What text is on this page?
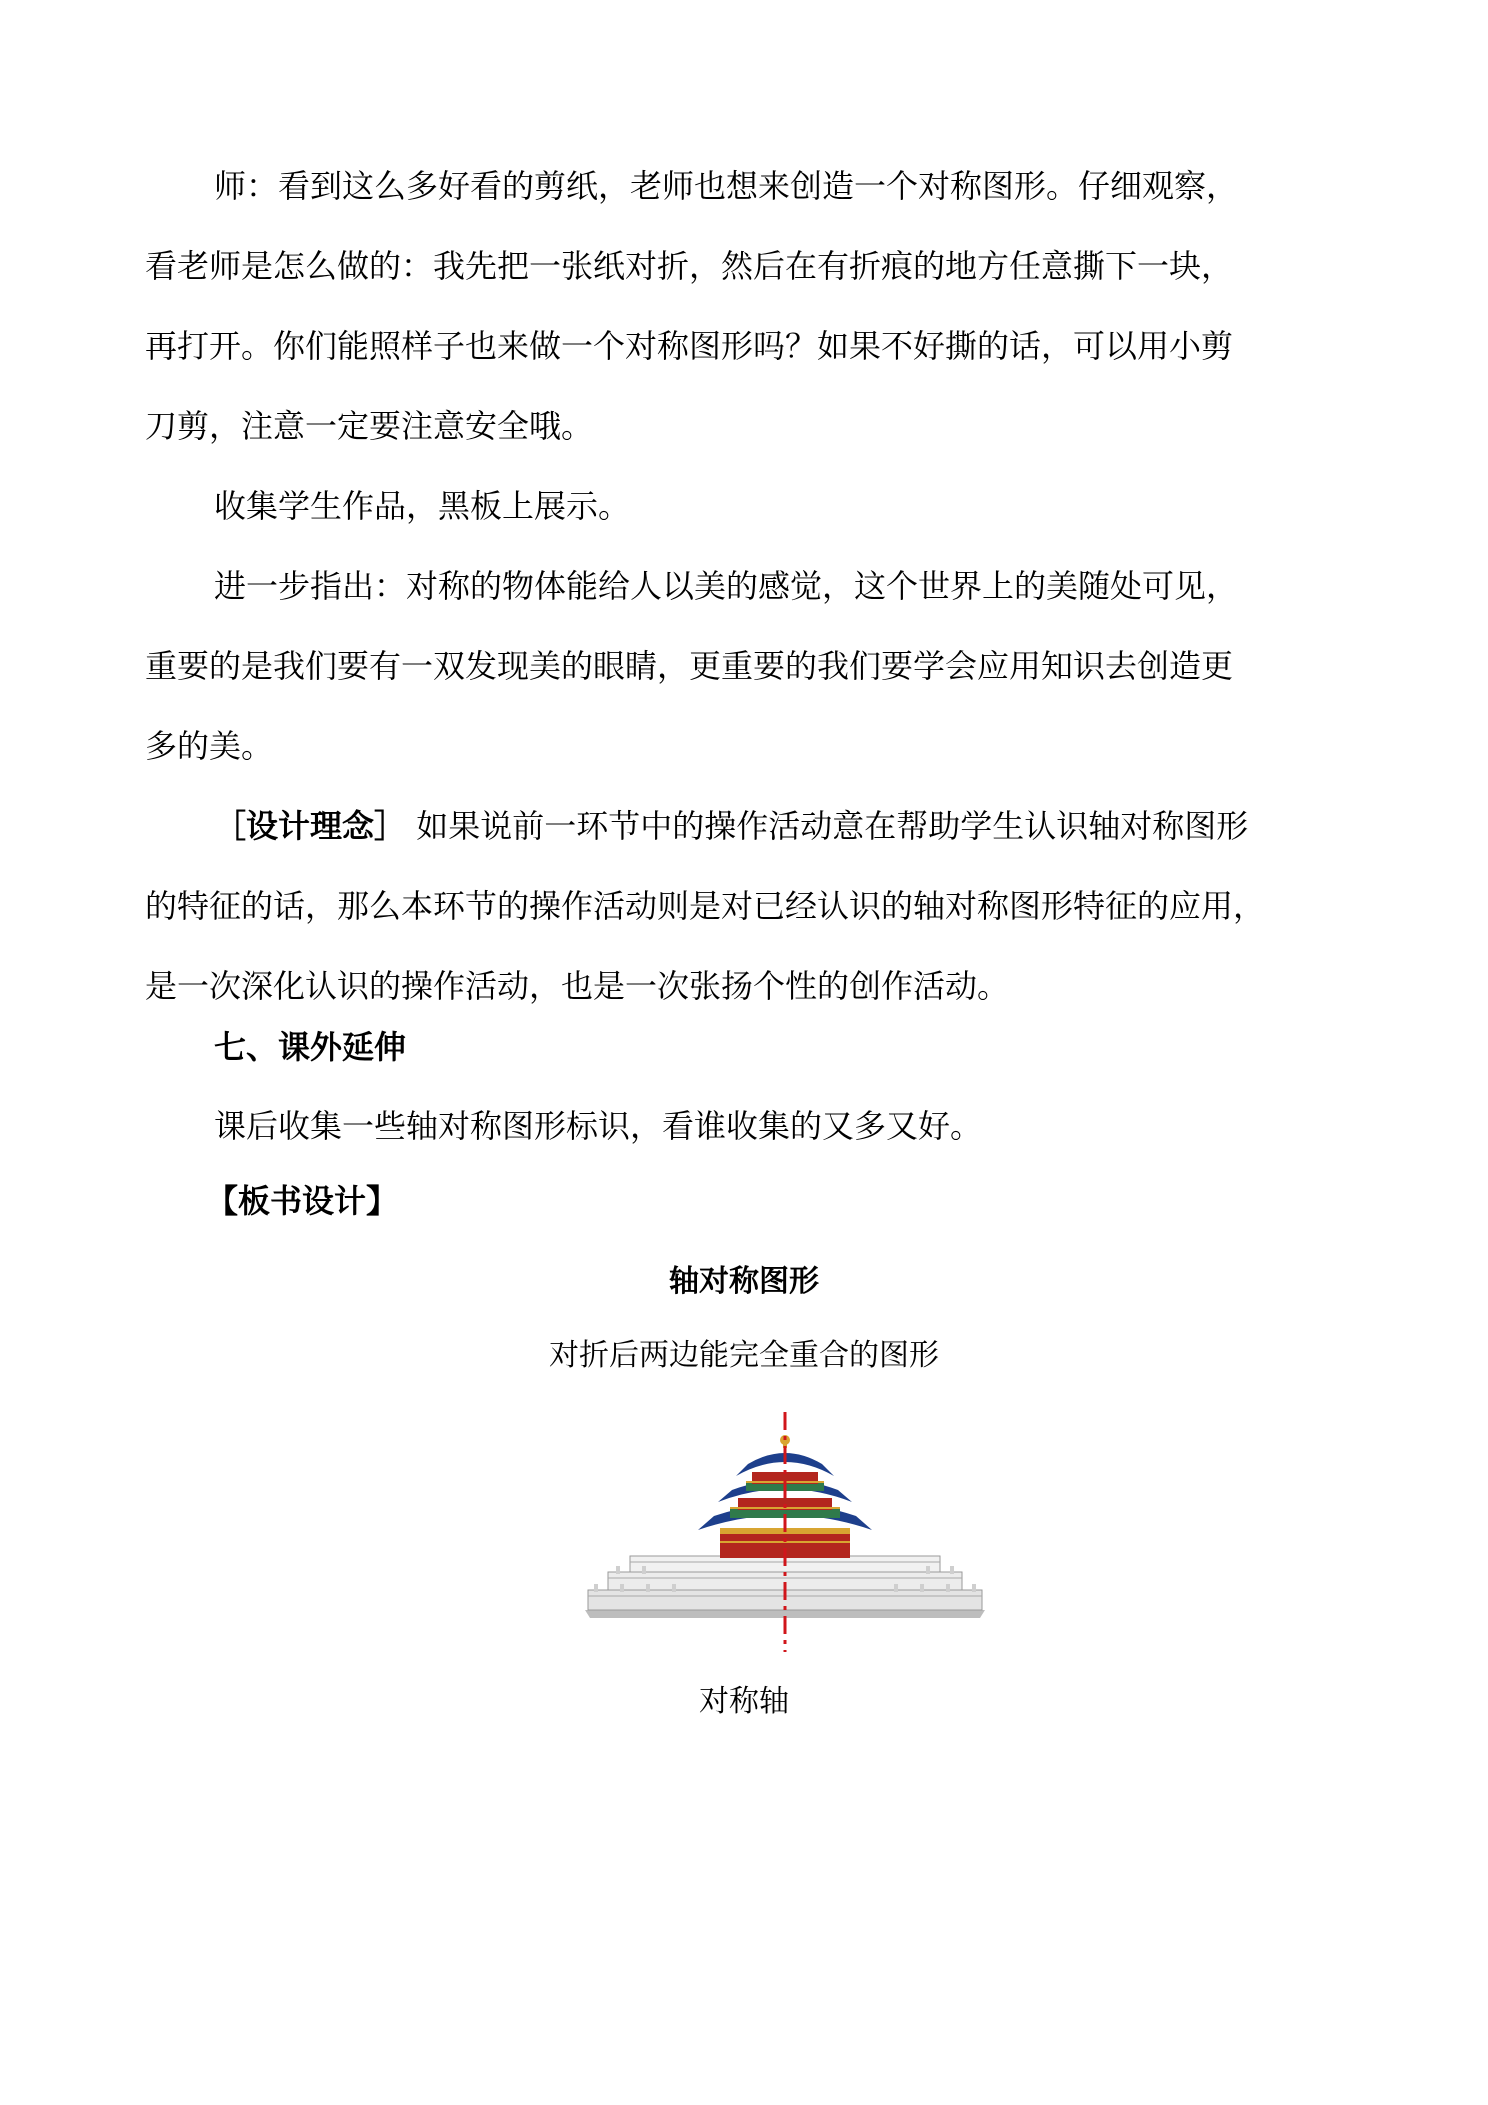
师：看到这么多好看的剪纸，老师也想来创造一个对称图形。仔细观察，
看老师是怎么做的：我先把一张纸对折，然后在有折痕的地方任意撕下一块，
再打开。你们能照样子也来做一个对称图形吗？如果不好撕的话，可以用小剪
刀剪，注意一定要注意安全哦。
收集学生作品，黑板上展示。
进一步指出：对称的物体能给人以美的感觉，这个世界上的美随处可见，
重要的是我们要有一双发现美的眼睛，更重要的我们要学会应用知识去创造更
多的美。
［设计理念］ 如果说前一环节中的操作活动意在帮助学生认识轴对称图形
的特征的话，那么本环节的操作活动则是对已经认识的轴对称图形特征的应用，
是一次深化认识的操作活动，也是一次张扬个性的创作活动。
七、课外延伸
课后收集一些轴对称图形标识，看谁收集的又多又好。
【板书设计】
轴对称图形
对折后两边能完全重合的图形
对称轴
